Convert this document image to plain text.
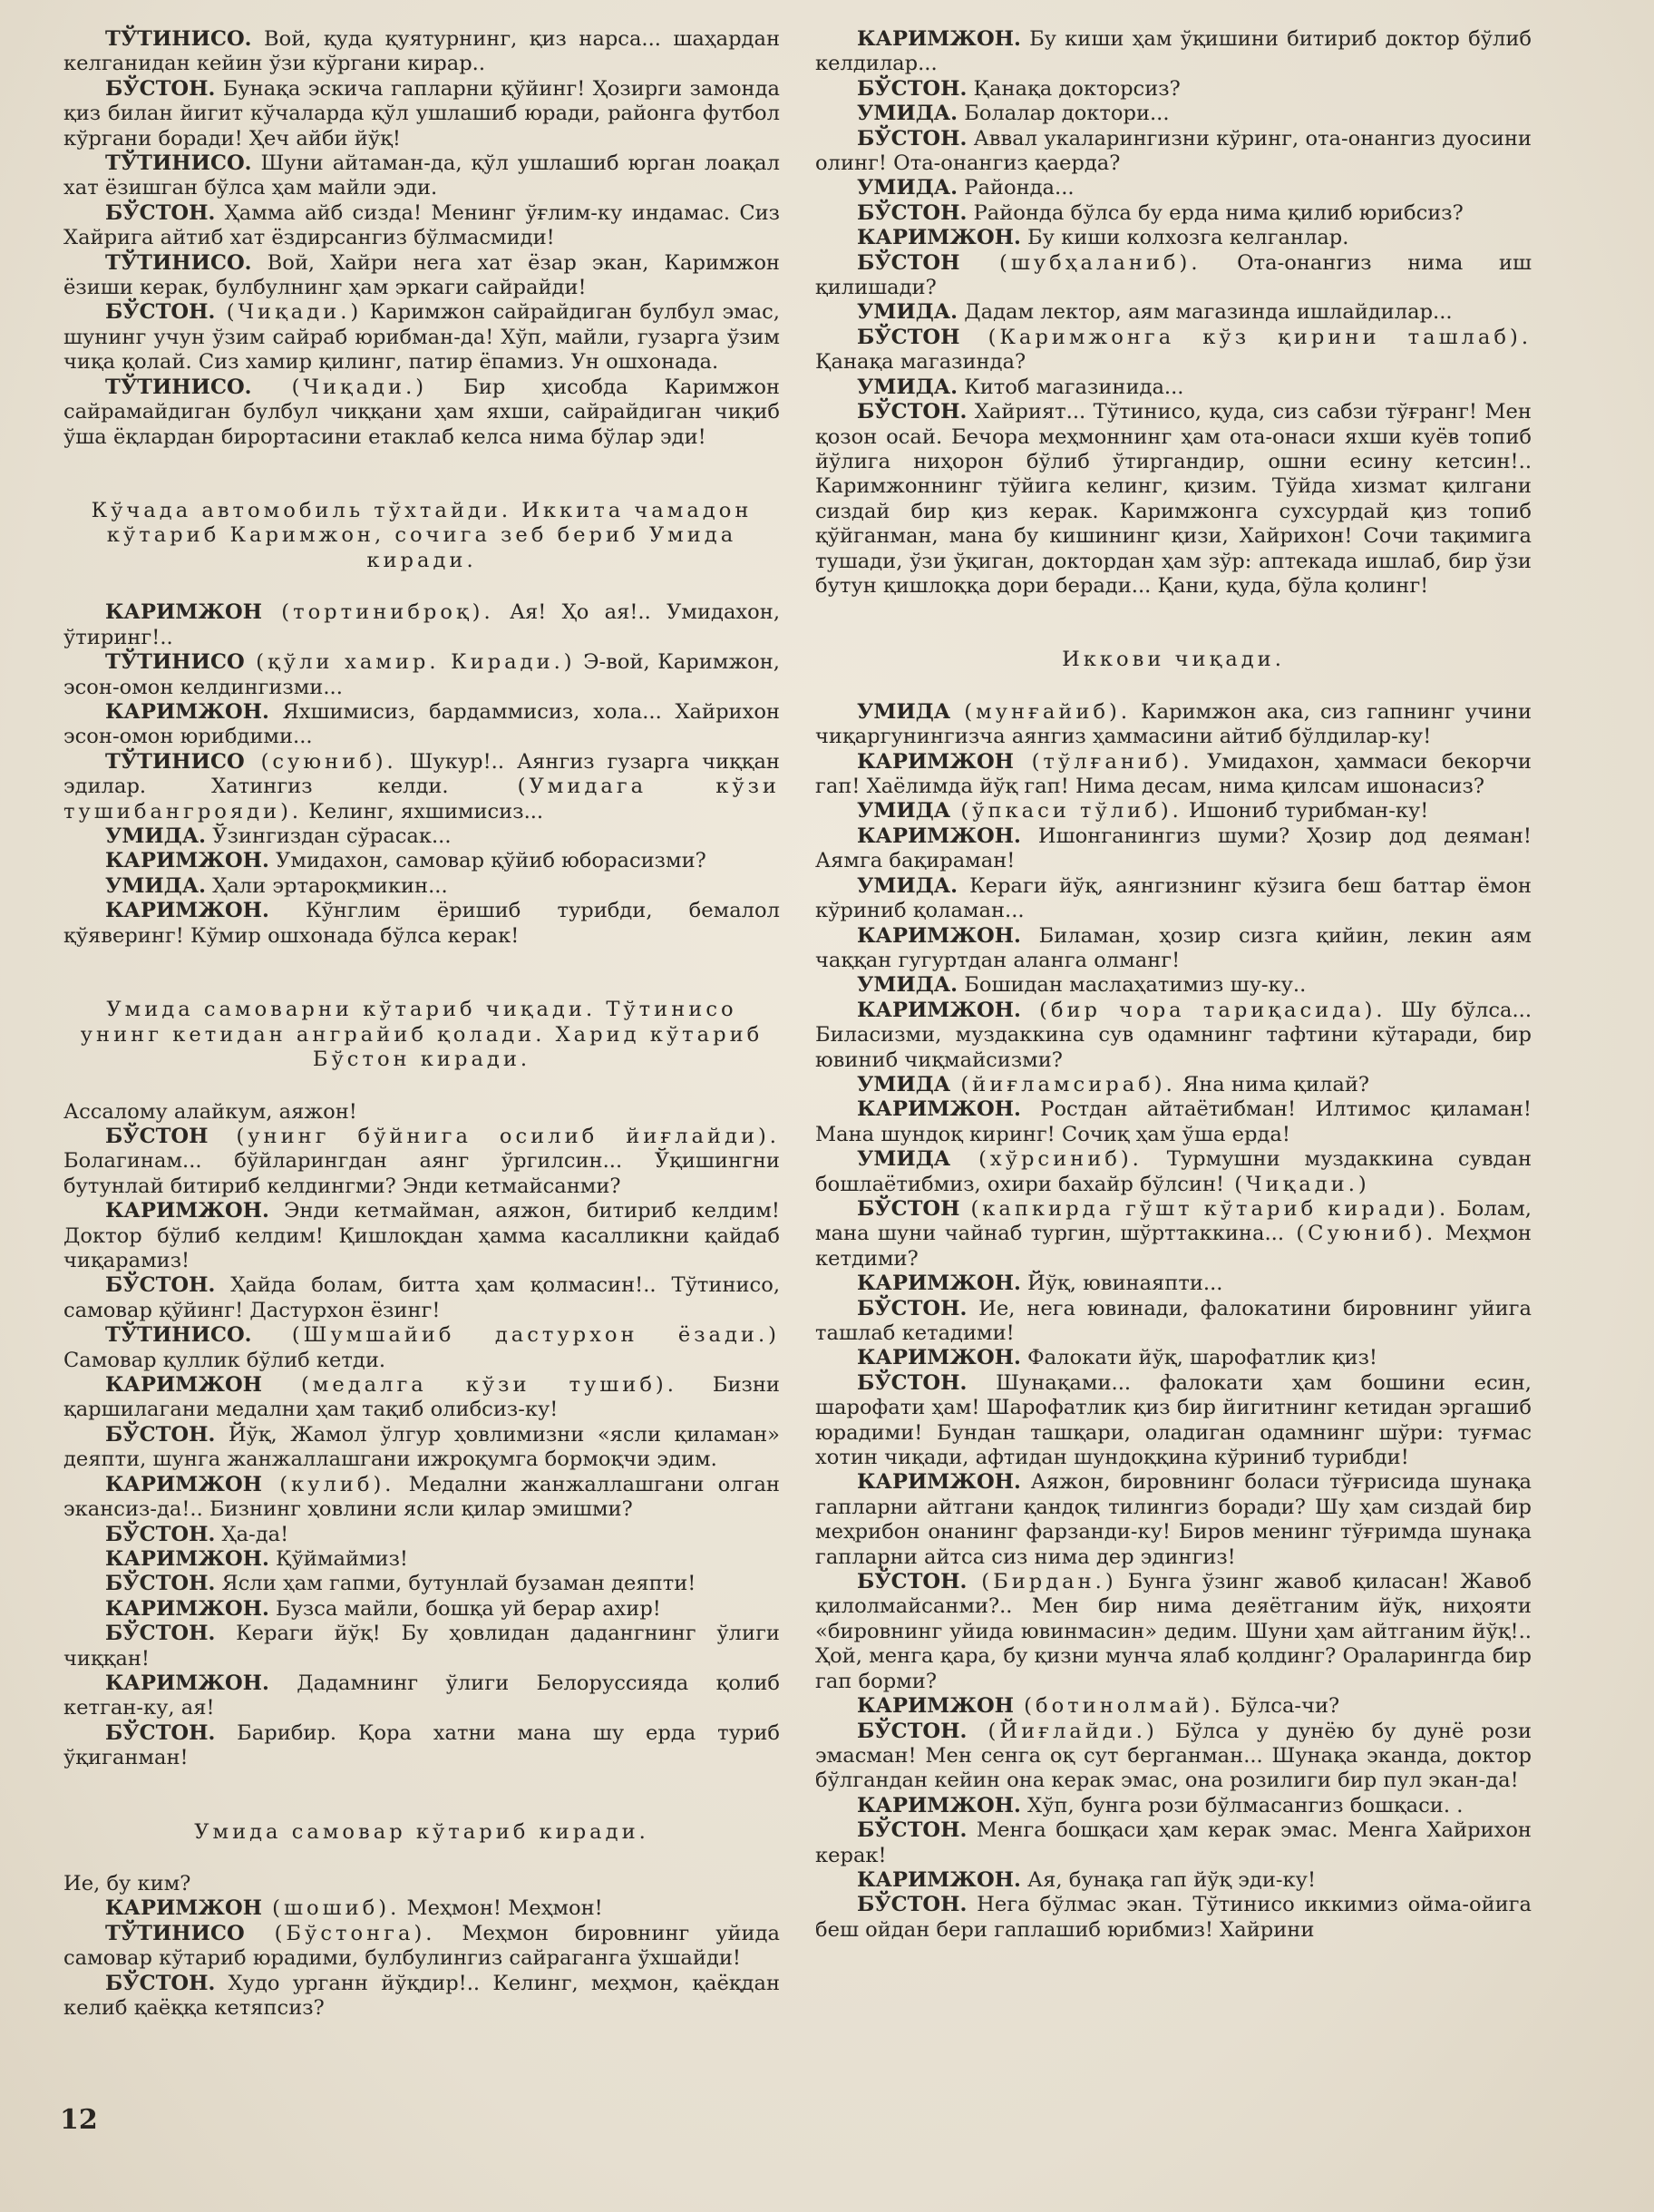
ТЎТИНИСО. Вой, қуда қуятурнинг, қиз нарса... шаҳардан келганидан кейин ўзи кўргани кирар..

БЎСТОН. Бунақа эскича гапларни қўйинг! Ҳозирги замонда қиз билан йигит кўчаларда қўл ушлашиб юради, районга футбол кўргани боради! Ҳеч айби йўқ!

ТЎТИНИСО. Шуни айтаман-да, қўл ушлашиб юрган лоақал хат ёзишган бўлса ҳам майли эди.

БЎСТОН. Ҳамма айб сизда! Менинг ўғлим-ку индамас. Сиз Хайрига айтиб хат ёздирсангиз бўлмасмиди!

ТЎТИНИСО. Вой, Хайри нега хат ёзар экан, Каримжон ёзиши керак, булбулнинг ҳам эркаги сайрайди!

БЎСТОН. (Чиқади.) Каримжон сайрайдиган булбул эмас, шунинг учун ўзим сайраб юрибман-да! Хўп, майли, гузарга ўзим чиқа қолай. Сиз хамир қилинг, патир ёпамиз. Ун ошхонада.

ТЎТИНИСО. (Чиқади.) Бир ҳисобда Каримжон сайрамайдиган булбул чиққани ҳам яхши, сайрайдиган чиқиб ўша ёқлардан бирортасини етаклаб келса нима бўлар эди!

Кўчада автомобиль тўхтайди. Иккита чамадон кўтариб Каримжон, сочига зеб бериб Умида киради.

КАРИМЖОН (тортиниброқ). Ая! Ҳо ая!.. Умидахон, ўтиринг!..

ТЎТИНИСО (қўли хамир. Киради.) Э-вой, Каримжон, эсон-омон келдингизми...

КАРИМЖОН. Яхшимисиз, бардаммисиз, хола... Хайрихон эсон-омон юрибдими...

ТЎТИНИСО (суюниб). Шукур!.. Аянгиз гузарга чиққан эдилар. Хатингиз келди. (Умидага кўзи тушибангрояди). Келинг, яхшимисиз...

УМИДА. Ўзингиздан сўрасак...

КАРИМЖОН. Умидахон, самовар қўйиб юборасизми?

УМИДА. Ҳали эртароқмикин...

КАРИМЖОН. Кўнглим ёришиб турибди, бемалол қўяверинг! Кўмир ошхонада бўлса керак!

Умида самоварни кўтариб чиқади. Тўтинисо унинг кетидан анграйиб қолади. Харид кўтариб Бўстон киради.

Ассалому алайкум, аяжон!

БЎСТОН (унинг бўйнига осилиб йиғлайди). Болагинам... бўйларингдан аянг ўргилсин... Ўқишингни бутунлай битириб келдингми? Энди кетмайсанми?

КАРИМЖОН. Энди кетмайман, аяжон, битириб келдим! Доктор бўлиб келдим! Қишлоқдан ҳамма касалликни қайдаб чиқарамиз!

БЎСТОН. Ҳайда болам, битта ҳам қолмасин!.. Тўтинисо, самовар қўйинг! Дастурхон ёзинг!

ТЎТИНИСО. (Шумшайиб дастурхон ёзади.) Самовар қуллик бўлиб кетди.

КАРИМЖОН (медалга кўзи тушиб). Бизни қаршилагани медални ҳам тақиб олибсиз-ку!

БЎСТОН. Йўқ, Жамол ўлгур ҳовлимизни «ясли қиламан» деяпти, шунга жанжаллашгани ижроқумга бормоқчи эдим.

КАРИМЖОН (кулиб). Медални жанжаллашгани олган экансиз-да!.. Бизнинг ҳовлини ясли қилар эмишми?

БЎСТОН. Ҳа-да!

КАРИМЖОН. Қўймаймиз!

БЎСТОН. Ясли ҳам гапми, бутунлай бузаман деяпти!

КАРИМЖОН. Бузса майли, бошқа уй берар ахир!

БЎСТОН. Кераги йўқ! Бу ҳовлидан дадангнинг ўлиги чиққан!

КАРИМЖОН. Дадамнинг ўлиги Белоруссияда қолиб кетган-ку, ая!

БЎСТОН. Барибир. Қора хатни мана шу ерда туриб ўқиганман!

Умида самовар кўтариб киради.

Ие, бу ким?

КАРИМЖОН (шошиб). Меҳмон! Меҳмон!

ТЎТИНИСО (Бўстонга). Меҳмон бировнинг уйида самовар кўтариб юрадими, булбулингиз сайраганга ўхшайди!

БЎСТОН. Худо урганн йўқдир!.. Келинг, меҳмон, қаёқдан келиб қаёққа кетяпсиз?

КАРИМЖОН. Бу киши ҳам ўқишини битириб доктор бўлиб келдилар...

БЎСТОН. Қанақа докторсиз?

УМИДА. Болалар доктори...

БЎСТОН. Аввал укаларингизни кўринг, ота-онангиз дуосини олинг! Ота-онангиз қаерда?

УМИДА. Районда...

БЎСТОН. Районда бўлса бу ерда нима қилиб юрибсиз?

КАРИМЖОН. Бу киши колхозга келганлар.

БЎСТОН (шубҳаланиб). Ота-онангиз нима иш қилишади?

УМИДА. Дадам лектор, аям магазинда ишлайдилар...

БЎСТОН (Каримжонга кўз қирини ташлаб). Қанақа магазинда?

УМИДА. Китоб магазинида...

БЎСТОН. Хайрият... Тўтинисо, қуда, сиз сабзи тўғранг! Мен қозон осай. Бечора меҳмоннинг ҳам ота-онаси яхши куёв топиб йўлига ниҳорон бўлиб ўтиргандир, ошни есину кетсин!.. Каримжоннинг тўйига келинг, қизим. Тўйда хизмат қилгани сиздай бир қиз керак. Каримжонга сухсурдай қиз топиб қўйганман, мана бу кишининг қизи, Хайрихон! Сочи тақимига тушади, ўзи ўқиган, доктордан ҳам зўр: аптекада ишлаб, бир ўзи бутун қишлоққа дори беради... Қани, қуда, бўла қолинг!

Иккови чиқади.

УМИДА (мунғайиб). Каримжон ака, сиз гапнинг учини чиқаргунингизча аянгиз ҳаммасини айтиб бўлдилар-ку!

КАРИМЖОН (тўлғаниб). Умидахон, ҳаммаси бекорчи гап! Хаёлимда йўқ гап! Нима десам, нима қилсам ишонасиз?

УМИДА (ўпкаси тўлиб). Ишониб турибман-ку!

КАРИМЖОН. Ишонганингиз шуми? Ҳозир дод деяман! Аямга бақираман!

УМИДА. Кераги йўқ, аянгизнинг кўзига беш баттар ёмон кўриниб қоламан...

КАРИМЖОН. Биламан, ҳозир сизга қийин, лекин аям чаққан гугуртдан аланга олманг!

УМИДА. Бошидан маслаҳатимиз шу-ку..

КАРИМЖОН. (бир чора тариқасида). Шу бўлса... Биласизми, муздаккина сув одамнинг тафтини кўтаради, бир ювиниб чиқмайсизми?

УМИДА (йиғламсираб). Яна нима қилай?

КАРИМЖОН. Ростдан айтаётибман! Илтимос қиламан! Мана шундоқ киринг! Сочиқ ҳам ўша ерда!

УМИДА (хўрсиниб). Турмушни муздаккина сувдан бошлаётибмиз, охири бахайр бўлсин! (Чиқади.)

БЎСТОН (капкирда гўшт кўтариб киради). Болам, мана шуни чайнаб тургин, шўрттаккина... (Суюниб). Меҳмон кетдими?

КАРИМЖОН. Йўқ, ювинаяпти...

БЎСТОН. Ие, нега ювинади, фалокатини бировнинг уйига ташлаб кетадими!

КАРИМЖОН. Фалокати йўқ, шарофатлик қиз!

БЎСТОН. Шунақами... фалокати ҳам бошини есин, шарофати ҳам! Шарофатлик қиз бир йигитнинг кетидан эргашиб юрадими! Бундан ташқари, оладиган одамнинг шўри: туғмас хотин чиқади, афтидан шундоққина кўриниб турибди!

КАРИМЖОН. Аяжон, бировнинг боласи тўғрисида шунақа гапларни айтгани қандоқ тилингиз боради? Шу ҳам сиздай бир меҳрибон онанинг фарзанди-ку! Биров менинг тўғримда шунақа гапларни айтса сиз нима дер эдингиз!

БЎСТОН. (Бирдан.) Бунга ўзинг жавоб қиласан! Жавоб қилолмайсанми?.. Мен бир нима деяётганим йўқ, ниҳояти «бировнинг уйида ювинмасин» дедим. Шуни ҳам айтганим йўқ!.. Ҳой, менга қара, бу қизни мунча ялаб қолдинг? Ораларингда бир гап борми?

КАРИМЖОН (ботинолмай). Бўлса-чи?

БЎСТОН. (Йиғлайди.) Бўлса у дунёю бу дунё рози эмасман! Мен сенга оқ сут берганман... Шунақа эканда, доктор бўлгандан кейин она керак эмас, она розилиги бир пул экан-да!

КАРИМЖОН. Хўп, бунга рози бўлмасангиз бошқаси. .

БЎСТОН. Менга бошқаси ҳам керак эмас. Менга Хайрихон керак!

КАРИМЖОН. Ая, бунақа гап йўқ эди-ку!

БЎСТОН. Нега бўлмас экан. Тўтинисо иккимиз ойма-ойига беш ойдан бери гаплашиб юрибмиз! Хайрини

12
